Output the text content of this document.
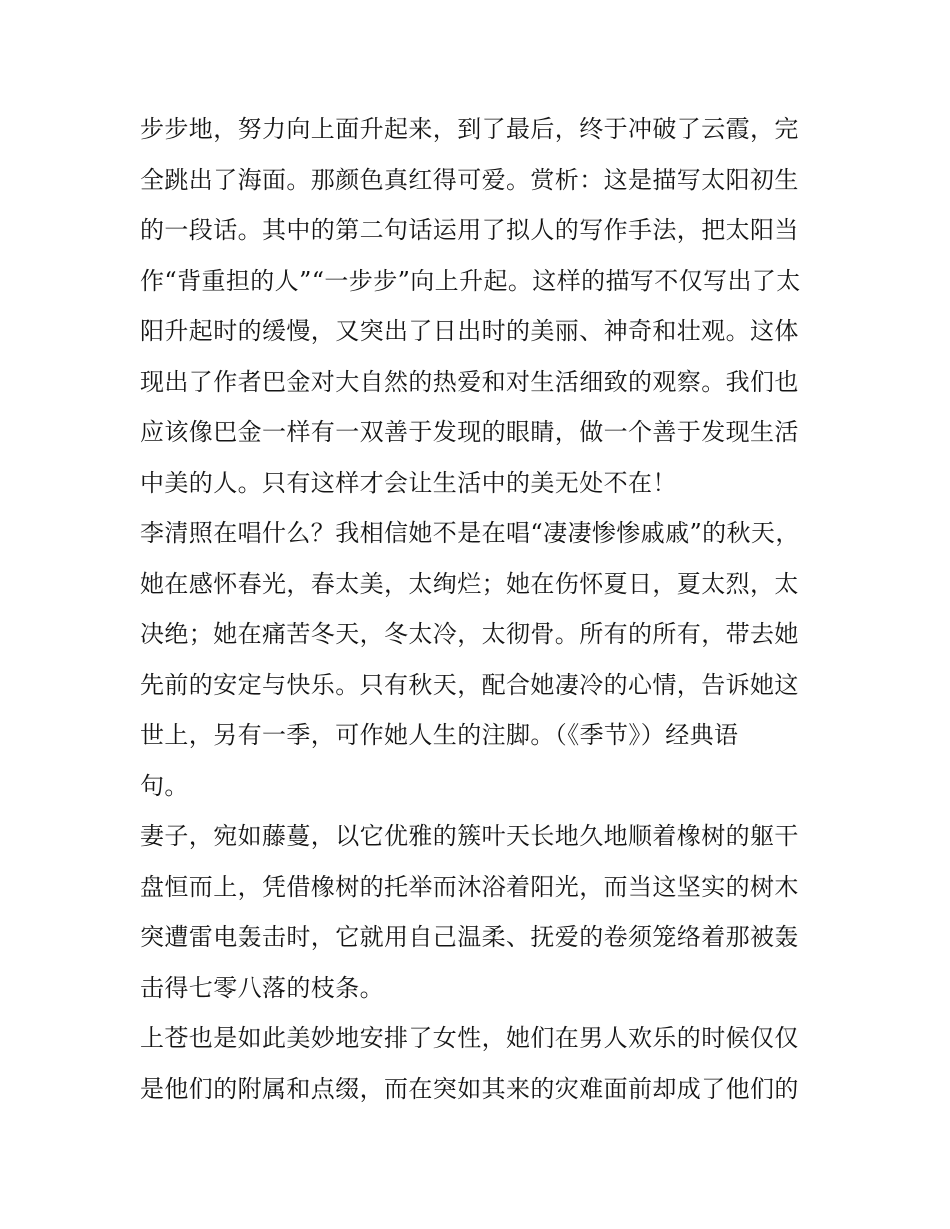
步步地，努力向上面升起来，到了最后，终于冲破了云霞，完
全跳出了海面。那颜色真红得可爱。赏析：这是描写太阳初生
的一段话。其中的第二句话运用了拟人的写作手法，把太阳当
作“背重担的人”“一步步”向上升起。这样的描写不仅写出了太
阳升起时的缓慢，又突出了日出时的美丽、神奇和壮观。这体
现出了作者巴金对大自然的热爱和对生活细致的观察。我们也
应该像巴金一样有一双善于发现的眼睛，做一个善于发现生活
中美的人。只有这样才会让生活中的美无处不在！
李清照在唱什么？我相信她不是在唱“凄凄惨惨戚戚”的秋天，
她在感怀春光，春太美，太绚烂；她在伤怀夏日，夏太烈，太
决绝；她在痛苦冬天，冬太冷，太彻骨。所有的所有，带去她
先前的安定与快乐。只有秋天，配合她凄冷的心情，告诉她这
世上，另有一季，可作她人生的注脚。（《季节》）经典语
句。
妻子，宛如藤蔓，以它优雅的簇叶天长地久地顺着橡树的躯干
盘恒而上，凭借橡树的托举而沐浴着阳光，而当这坚实的树木
突遭雷电轰击时，它就用自己温柔、抚爱的卷须笼络着那被轰
击得七零八落的枝条。
上苍也是如此美妙地安排了女性，她们在男人欢乐的时候仅仅
是他们的附属和点缀，而在突如其来的灾难面前却成了他们的
